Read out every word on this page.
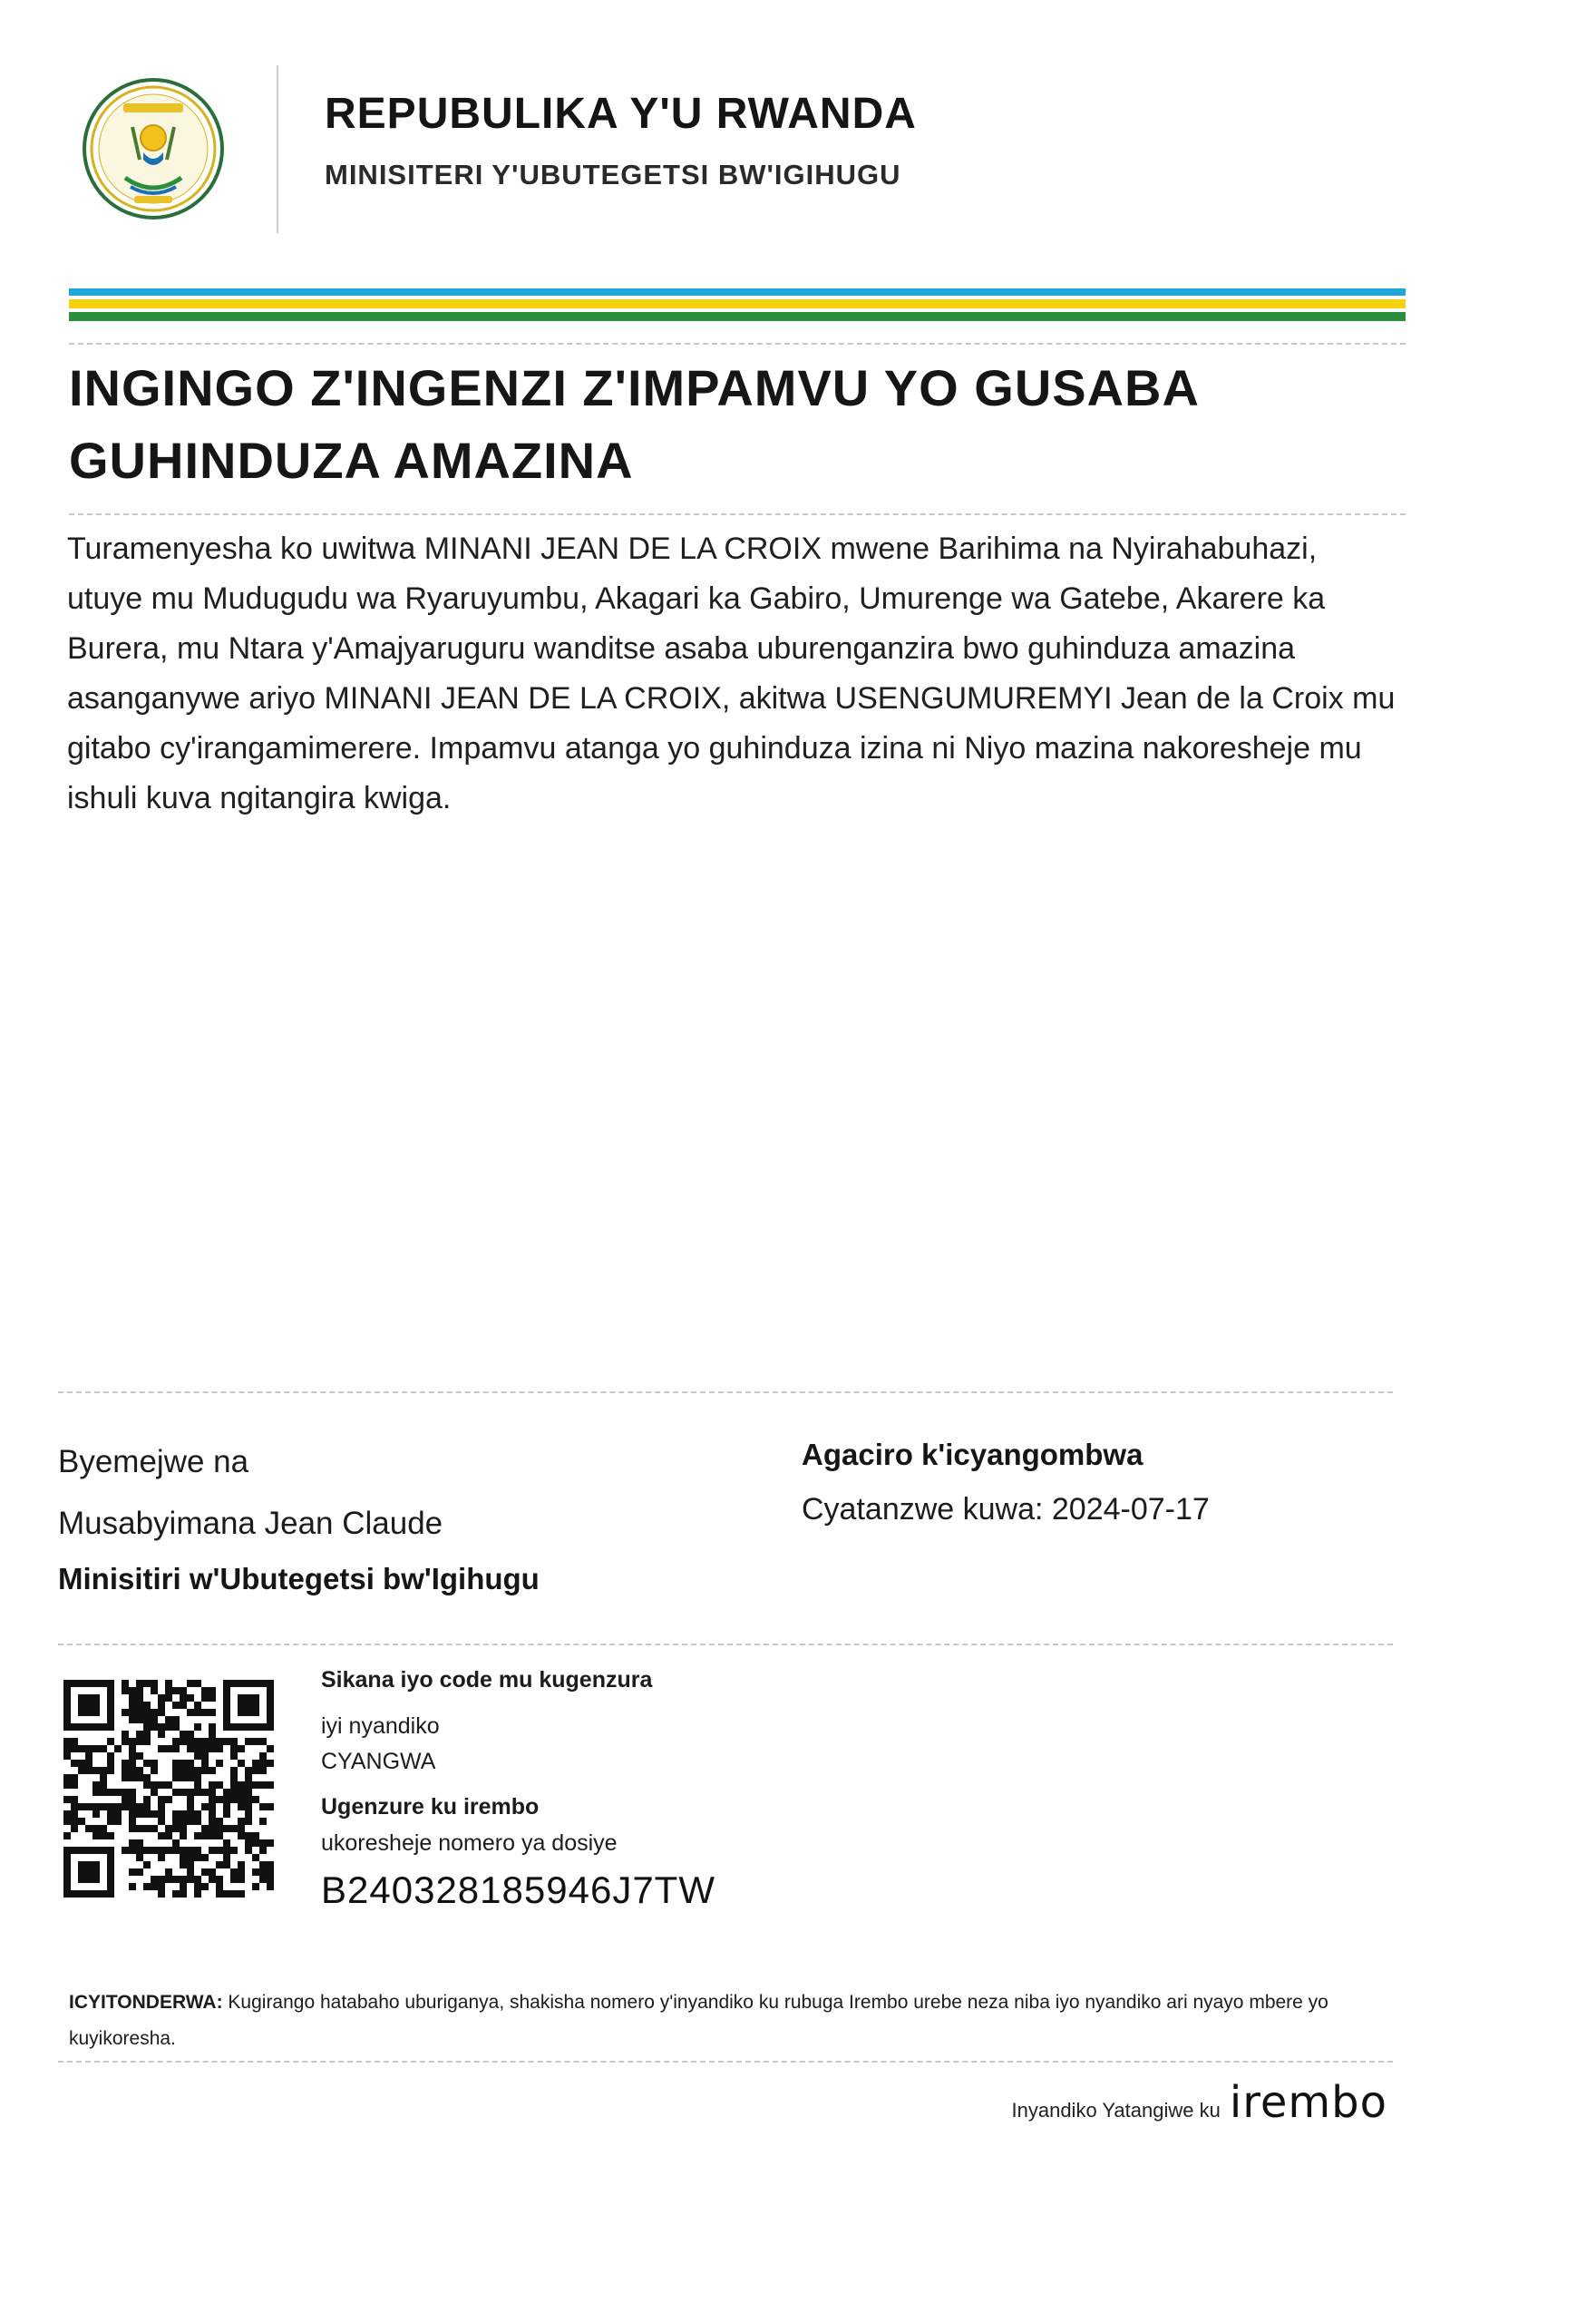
REPUBULIKA Y'U RWANDA
MINISITERI Y'UBUTEGETSI BW'IGIHUGU
INGINGO Z'INGENZI Z'IMPAMVU YO GUSABA GUHINDUZA AMAZINA
Turamenyesha ko uwitwa MINANI JEAN DE LA CROIX mwene Barihima na Nyirahabuhazi, utuye mu Mudugudu wa Ryaruyumbu, Akagari ka Gabiro, Umurenge wa Gatebe, Akarere ka Burera, mu Ntara y'Amajyaruguru wanditse asaba uburenganzira bwo guhinduza amazina asanganywe ariyo MINANI JEAN DE LA CROIX, akitwa USENGUMUREMYI Jean de la Croix mu gitabo cy'irangamimerere. Impamvu atanga yo guhinduza izina ni Niyo mazina nakoresheje mu ishuli kuva ngitangira kwiga.
Byemejwe na
Musabyimana Jean Claude
Minisitiri w'Ubutegetsi bw'Igihugu
Agaciro k'icyangombwa
Cyatanzwe kuwa: 2024-07-17
Sikana iyo code mu kugenzura
iyi nyandiko
CYANGWA
Ugenzure ku irembo
ukoresheje nomero ya dosiye
B240328185946J7TW
ICYITONDERWA: Kugirango hatabaho uburiganya, shakisha nomero y'inyandiko ku rubuga Irembo urebe neza niba iyo nyandiko ari nyayo mbere yo kuyikoresha.
Inyandiko Yatangiwe ku irembo
